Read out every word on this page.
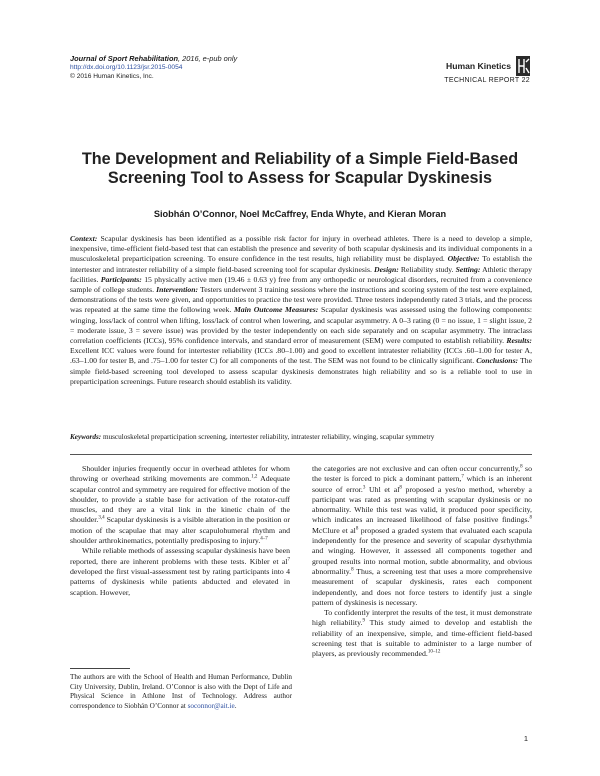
Journal of Sport Rehabilitation, 2016, e-pub only
http://dx.doi.org/10.1123/jsr.2015-0054
© 2016 Human Kinetics, Inc.
Human Kinetics
TECHNICAL REPORT 22
The Development and Reliability of a Simple Field-Based Screening Tool to Assess for Scapular Dyskinesis
Siobhán O’Connor, Noel McCaffrey, Enda Whyte, and Kieran Moran
Context: Scapular dyskinesis has been identified as a possible risk factor for injury in overhead athletes. There is a need to develop a simple, inexpensive, time-efficient field-based test that can establish the presence and severity of both scapular dyskinesis and its individual components in a musculoskeletal preparticipation screening. To ensure confidence in the test results, high reliability must be displayed. Objective: To establish the intertester and intratester reliability of a simple field-based screening tool for scapular dyskinesis. Design: Reliability study. Setting: Athletic therapy facilities. Participants: 15 physically active men (19.46 ± 0.63 y) free from any orthopedic or neurological disorders, recruited from a convenience sample of college students. Intervention: Testers underwent 3 training sessions where the instructions and scoring system of the test were explained, demonstrations of the tests were given, and opportunities to practice the test were provided. Three testers independently rated 3 trials, and the process was repeated at the same time the following week. Main Outcome Measures: Scapular dyskinesis was assessed using the following components: winging, loss/lack of control when lifting, loss/lack of control when lowering, and scapular asymmetry. A 0–3 rating (0 = no issue, 1 = slight issue, 2 = moderate issue, 3 = severe issue) was provided by the tester independently on each side separately and on scapular asymmetry. The intraclass correlation coefficients (ICCs), 95% confidence intervals, and standard error of measurement (SEM) were computed to establish reliability. Results: Excellent ICC values were found for intertester reliability (ICCs .80–1.00) and good to excellent intratester reliability (ICCs .60–1.00 for tester A, .63–1.00 for tester B, and .75–1.00 for tester C) for all components of the test. The SEM was not found to be clinically significant. Conclusions: The simple field-based screening tool developed to assess scapular dyskinesis demonstrates high reliability and so is a reliable tool to use in preparticipation screenings. Future research should establish its validity.
Keywords: musculoskeletal preparticipation screening, intertester reliability, intratester reliability, winging, scapular symmetry

Shoulder injuries frequently occur in overhead athletes for whom throwing or overhead striking movements are common.$^{1,2}$ Adequate scapular control and symmetry are required for effective motion of the shoulder, to provide a stable base for activation of the rotator-cuff muscles, and they are a vital link in the kinetic chain of the shoulder.$^{3,4}$ Scapular dyskinesis is a visible alteration in the position or motion of the scapulae that may alter scapulohumeral rhythm and shoulder arthrokinematics, potentially predisposing to injury.$^{4-7}$

While reliable methods of assessing scapular dyskinesis have been reported, there are inherent problems with these tests. Kibler et $al^7$ developed the first visual-assessment test by rating participants into 4 patterns of dyskinesis while patients abducted and elevated in scaption. However,

The authors are with the School of Health and Human Performance, Dublin City University, Dublin, Ireland. O’Connor is also with the Dept of Life and Physical Science in Athlone Inst of Technology. Address author correspondence to Siobhán O’Connor at soconnor@ait.ie.

the categories are not exclusive and can often occur concurrently,$^8$ so the tester is forced to pick a dominant pattern,$^7$ which is an inherent source of error.$^3$ Uhl et $al^8$ proposed a yes/no method, whereby a participant was rated as presenting with scapular dyskinesis or no abnormality. While this test was valid, it produced poor specificity, which indicates an increased likelihood of false positive findings.$^8$ McClure et $al^8$ proposed a graded system that evaluated each scapula independently for the presence and severity of scapular dysrhythmia and winging. However, it assessed all components together and grouped results into normal motion, subtle abnormality, and obvious abnormality.$^8$ Thus, a screening test that uses a more comprehensive measurement of scapular dyskinesis, rates each component independently, and does not force testers to identify just a single pattern of dyskinesis is necessary.

To confidently interpret the results of the test, it must demonstrate high reliability.$^9$ This study aimed to develop and establish the reliability of an inexpensive, simple, and time-efficient field-based screening test that is suitable to administer to a large number of players, as previously recommended.$^{10-12}$

1
